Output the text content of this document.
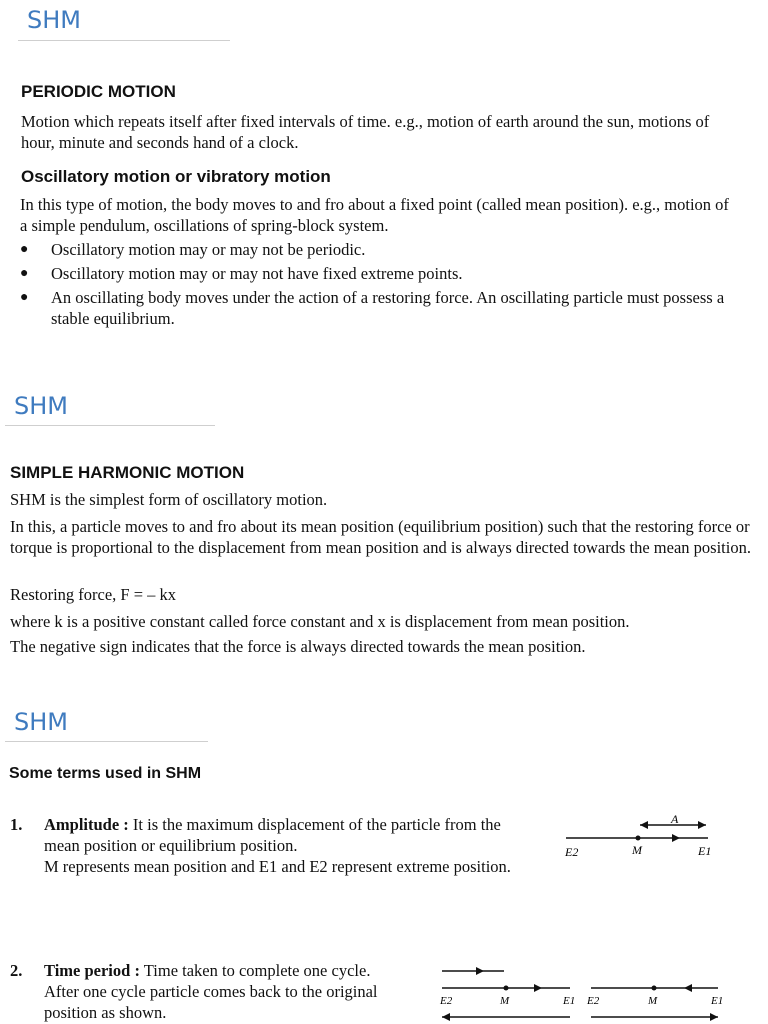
SHM
PERIODIC MOTION
Motion which repeats itself after fixed intervals of time. e.g., motion of earth around the sun, motions of hour, minute and seconds hand of a clock.
Oscillatory motion or vibratory motion
In this type of motion, the body moves to and fro about a fixed point (called mean position). e.g., motion of a simple pendulum, oscillations of spring-block system.
● Oscillatory motion may or may not be periodic.
● Oscillatory motion may or may not have fixed extreme points.
● An oscillating body moves under the action of a restoring force. An oscillating particle must possess a stable equilibrium.
SHM
SIMPLE HARMONIC MOTION
SHM is the simplest form of oscillatory motion.
In this, a particle moves to and fro about its mean position (equilibrium position) such that the restoring force or torque is proportional to the displacement from mean position and is always directed towards the mean position.
Restoring force, F = – kx
where k is a positive constant called force constant and x is displacement from mean position.
The negative sign indicates that the force is always directed towards the mean position.
SHM
Some terms used in SHM
1. Amplitude : It is the maximum displacement of the particle from the mean position or equilibrium position.
M represents mean position and E1 and E2 represent extreme position.
A
E2	M	E1
2. Time period : Time taken to complete one cycle.
After one cycle particle comes back to the original position as shown.
E2	M	E1 E2	M	E1
